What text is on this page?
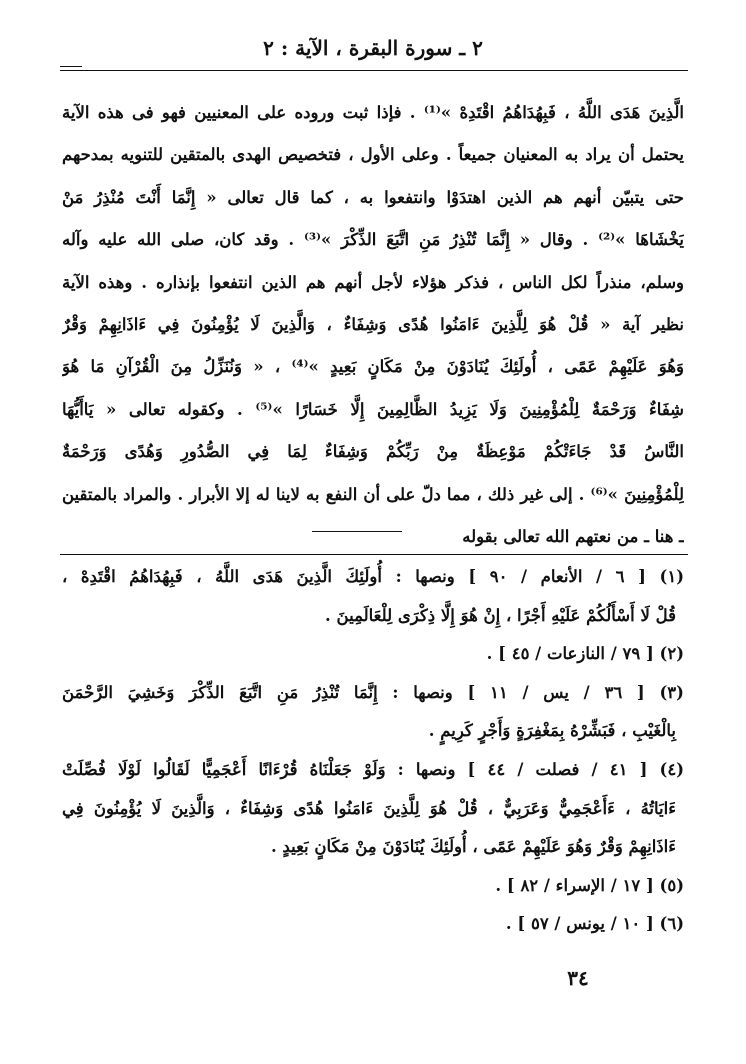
٢ ـ سورة البقرة ، الآية : ٢
الَّذِينَ هَدَى اللَّهُ ، فَبِهُدَاهُمُ اقْتَدِهْ »⁽¹⁾ . فإذا ثبت وروده على المعنيين فهو فى هذه الآية
يحتمل أن يراد به المعنيان جميعاً . وعلى الأول ، فتخصيص الهدى بالمتقين للتنويه بمدحهم
حتى يتبيّن أنهم هم الذين اهتدَوْا وانتفعوا به ، كما قال تعالى « إِنَّمَا أَنْتَ مُنْذِرُ مَنْ
يَخْشَاهَا »⁽²⁾ . وقال « إِنَّمَا تُنْذِرُ مَنِ اتَّبَعَ الذِّكْرَ »⁽³⁾ . وقد كان، صلى الله عليه وآله
وسلم، منذراً لكل الناس ، فذكر هؤلاء لأجل أنهم هم الذين انتفعوا بإنذاره . وهذه الآية
نظير آية « قُلْ هُوَ لِلَّذِينَ ءَامَنُوا هُدًى وَشِفَاءٌ ، وَالَّذِينَ لَا يُؤْمِنُونَ فِي ءَاذَانِهِمْ وَقْرٌ
وَهُوَ عَلَيْهِمْ عَمًى ، أُولَئِكَ يُنَادَوْنَ مِنْ مَكَانٍ بَعِيدٍ »⁽⁴⁾ ، « وَنُنَزِّلُ مِنَ الْقُرْآنِ مَا هُوَ
شِفَاءٌ وَرَحْمَةٌ لِلْمُؤْمِنِينَ وَلَا يَزِيدُ الظَّالِمِينَ إِلَّا خَسَارًا »⁽⁵⁾ . وكقوله تعالى « يَاأَيُّهَا
النَّاسُ قَدْ جَاءَتْكُمْ مَوْعِظَةٌ مِنْ رَبِّكُمْ وَشِفَاءٌ لِمَا فِي الصُّدُورِ وَهُدًى وَرَحْمَةٌ
لِلْمُؤْمِنِينَ »⁽⁶⁾ . إلى غير ذلك ، مما دلّ على أن النفع به لاينا له إلا الأبرار . والمراد بالمتقين
ـ هنا ـ من نعتهم الله تعالى بقوله
(١) [ ٦ / الأنعام / ٩٠ ] ونصها : أُولَئِكَ الَّذِينَ هَدَى اللَّهُ ، فَبِهُدَاهُمُ اقْتَدِهْ ،
قُلْ لَا أَسْأَلُكُمْ عَلَيْهِ أَجْرًا ، إِنْ هُوَ إِلَّا ذِكْرَى لِلْعَالَمِينَ .
(٢) [ ٧٩ / النازعات / ٤٥ ] .
(٣) [ ٣٦ / يس / ١١ ] ونصها : إِنَّمَا تُنْذِرُ مَنِ اتَّبَعَ الذِّكْرَ وَخَشِيَ الرَّحْمَنَ
بِالْغَيْبِ ، فَبَشِّرْهُ بِمَغْفِرَةٍ وَأَجْرٍ كَرِيمٍ .
(٤) [ ٤١ / فصلت / ٤٤ ] ونصها : وَلَوْ جَعَلْنَاهُ قُرْءَانًا أَعْجَمِيًّا لَقَالُوا لَوْلَا فُصِّلَتْ
ءَايَاتُهُ ، ءَأَعْجَمِيٌّ وَعَرَبِيٌّ ، قُلْ هُوَ لِلَّذِينَ ءَامَنُوا هُدًى وَشِفَاءٌ ، وَالَّذِينَ لَا يُؤْمِنُونَ فِي
ءَاذَانِهِمْ وَقْرٌ وَهُوَ عَلَيْهِمْ عَمًى ، أُولَئِكَ يُنَادَوْنَ مِنْ مَكَانٍ بَعِيدٍ .
(٥) [ ١٧ / الإسراء / ٨٢ ] .
(٦) [ ١٠ / يونس / ٥٧ ] .
٣٤
